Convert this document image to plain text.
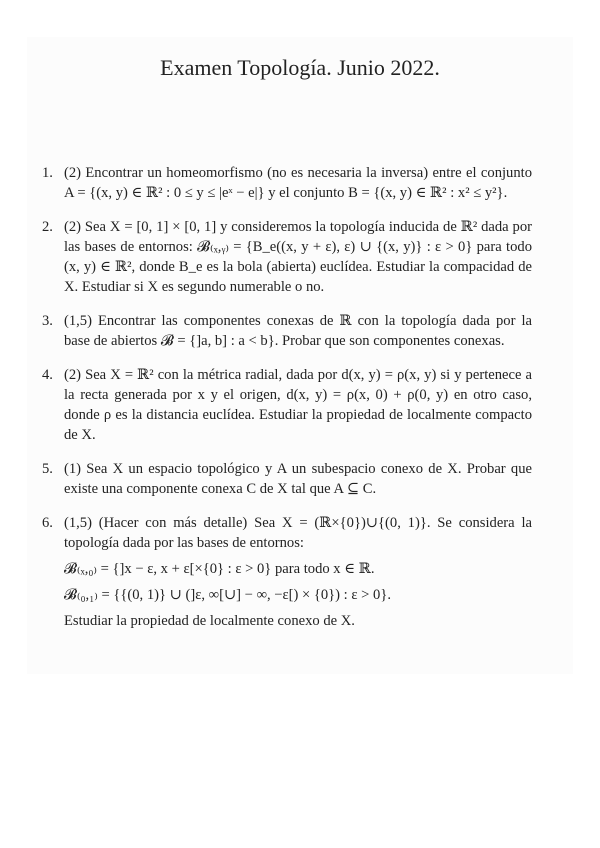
Examen Topología. Junio 2022.
1. (2) Encontrar un homeomorfismo (no es necesaria la inversa) entre el conjunto A = {(x, y) ∈ ℝ² : 0 ≤ y ≤ |eˣ − e|} y el conjunto B = {(x, y) ∈ ℝ² : x² ≤ y²}.
2. (2) Sea X = [0, 1] × [0, 1] y consideremos la topología inducida de ℝ² dada por las bases de entornos: 𝓑₍ₓ,ᵧ₎ = {B_e((x, y + ε), ε) ∪ {(x, y)} : ε > 0} para todo (x, y) ∈ ℝ², donde B_e es la bola (abierta) euclídea. Estudiar la compacidad de X. Estudiar si X es segundo numerable o no.
3. (1,5) Encontrar las componentes conexas de ℝ con la topología dada por la base de abiertos 𝓑 = {]a, b] : a < b}. Probar que son componentes conexas.
4. (2) Sea X = ℝ² con la métrica radial, dada por d(x, y) = ρ(x, y) si y pertenece a la recta generada por x y el origen, d(x, y) = ρ(x, 0) + ρ(0, y) en otro caso, donde ρ es la distancia euclídea. Estudiar la propiedad de localmente compacto de X.
5. (1) Sea X un espacio topológico y A un subespacio conexo de X. Probar que existe una componente conexa C de X tal que A ⊆ C.
6. (1,5) (Hacer con más detalle) Sea X = (ℝ×{0})∪{(0, 1)}. Se considera la topología dada por las bases de entornos:
𝓑₍ₓ,₀₎ = {]x − ε, x + ε[×{0} : ε > 0} para todo x ∈ ℝ.
𝓑₍₀,₁₎ = {{(0, 1)} ∪ (]ε, ∞[∪] − ∞, −ε[) × {0}) : ε > 0}.
Estudiar la propiedad de localmente conexo de X.
